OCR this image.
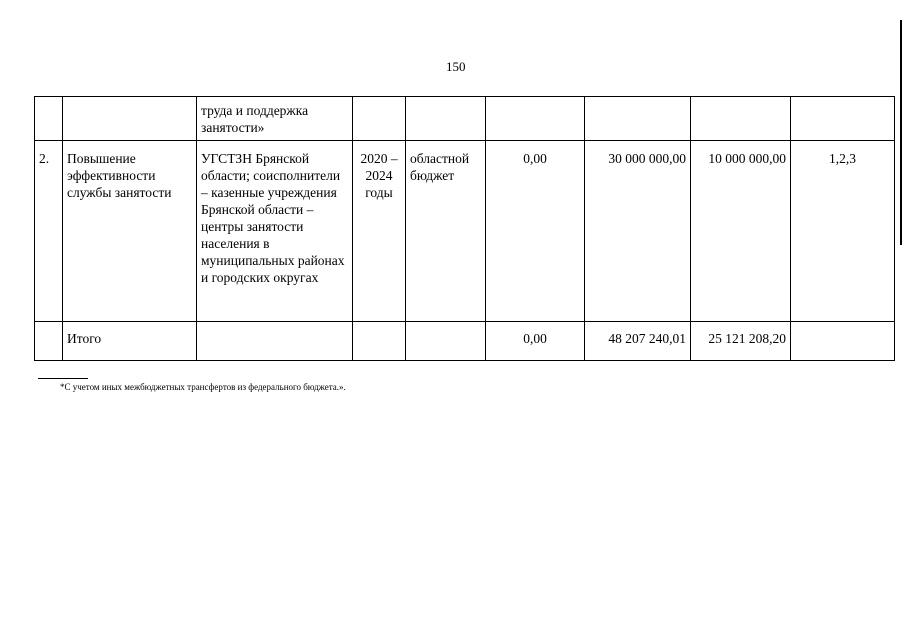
150
		труда и поддержка занятости»						
2.	Повышение эффективности службы занятости	УГСТЗН Брянской области; соисполнители – казенные учреждения Брянской области – центры занятости населения в муниципальных районах и городских округах	2020 – 2024 годы	областной бюджет	0,00	30 000 000,00	10 000 000,00	1,2,3
	Итого				0,00	48 207 240,01	25 121 208,20	
*С учетом иных межбюджетных трансфертов из федерального бюджета.».
